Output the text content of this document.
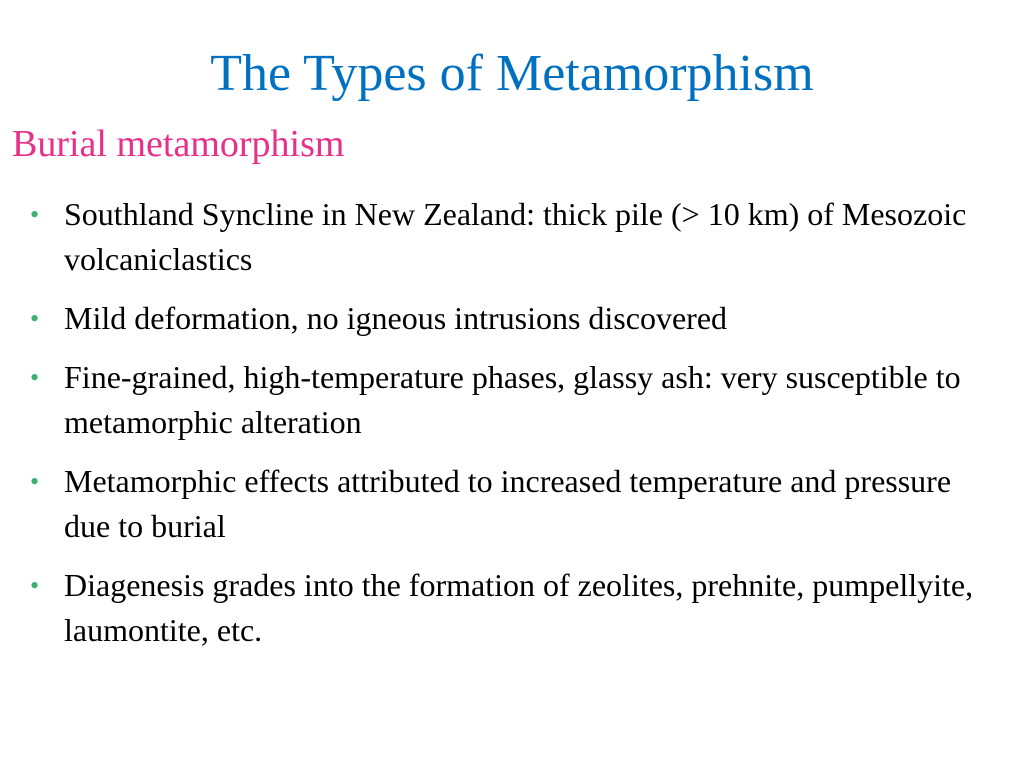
The Types of Metamorphism
Burial metamorphism
• Southland Syncline in New Zealand: thick pile (> 10 km) of Mesozoic volcaniclastics
• Mild deformation, no igneous intrusions discovered
• Fine-grained, high-temperature phases, glassy ash: very susceptible to metamorphic alteration
• Metamorphic effects attributed to increased temperature and pressure due to burial
• Diagenesis grades into the formation of zeolites, prehnite, pumpellyite, laumontite, etc.
